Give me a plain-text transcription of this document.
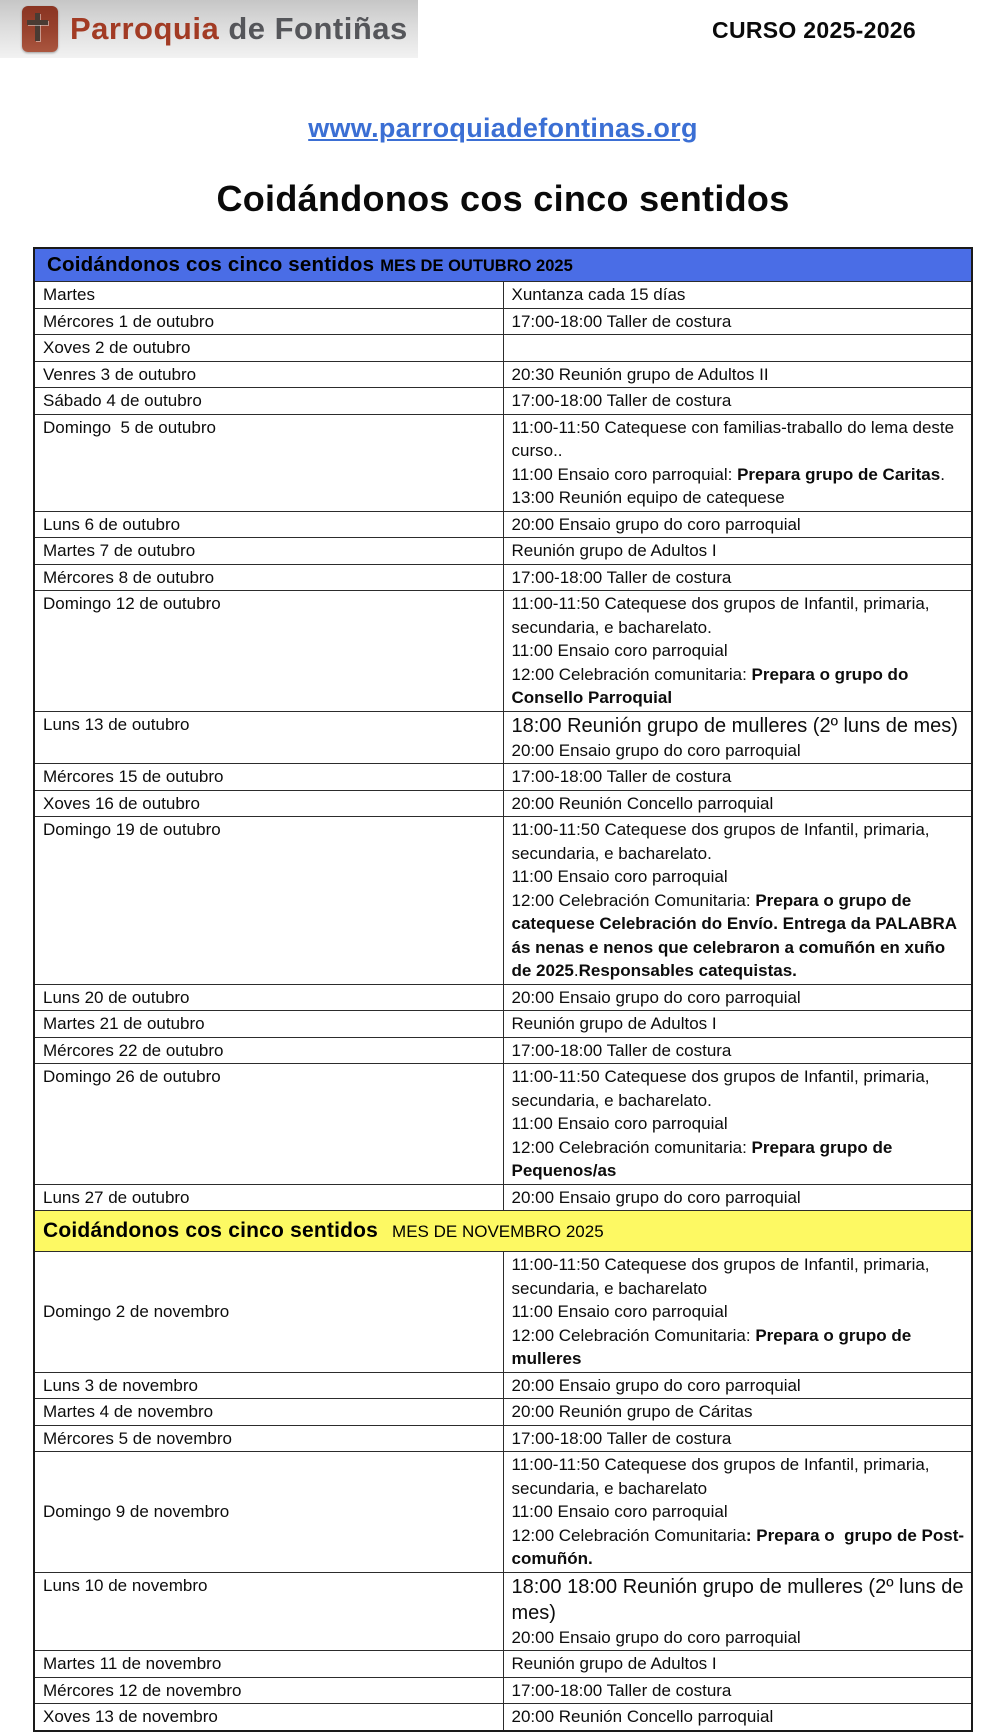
Parroquia de Fontiñas	CURSO 2025-2026
www.parroquiadefontinas.org
Coidándonos cos cinco sentidos
Coidándonos cos cinco sentidos MES DE OUTUBRO 2025	
Martes	Xuntanza cada 15 días

Mércores 1 de outubro	17:00-18:00 Taller de costura

Xoves 2 de outubro	

Venres 3 de outubro	20:30 Reunión grupo de Adultos II

Sábado 4 de outubro	17:00-18:00 Taller de costura

Domingo  5 de outubro	11:00-11:50 Catequese con familias-traballo do lema deste curso..
11:00 Ensaio coro parroquial: Prepara grupo de Caritas.
13:00 Reunión equipo de catequese

Luns 6 de outubro	20:00 Ensaio grupo do coro parroquial

Martes 7 de outubro	Reunión grupo de Adultos I

Mércores 8 de outubro	17:00-18:00 Taller de costura

Domingo 12 de outubro	11:00-11:50 Catequese dos grupos de Infantil, primaria, secundaria, e bacharelato.
11:00 Ensaio coro parroquial
12:00 Celebración comunitaria: Prepara o grupo do Consello Parroquial

Luns 13 de outubro	18:00 Reunión grupo de mulleres (2º luns de mes)
20:00 Ensaio grupo do coro parroquial

Mércores 15 de outubro	17:00-18:00 Taller de costura

Xoves 16 de outubro	20:00 Reunión Concello parroquial

Domingo 19 de outubro	11:00-11:50 Catequese dos grupos de Infantil, primaria, secundaria, e bacharelato.
11:00 Ensaio coro parroquial
12:00 Celebración Comunitaria: Prepara o grupo de catequese Celebración do Envío. Entrega da PALABRA ás nenas e nenos que celebraron a comuñón en xuño de 2025.Responsables catequistas.

Luns 20 de outubro	20:00 Ensaio grupo do coro parroquial

Martes 21 de outubro	Reunión grupo de Adultos I

Mércores 22 de outubro	17:00-18:00 Taller de costura

Domingo 26 de outubro	11:00-11:50 Catequese dos grupos de Infantil, primaria, secundaria, e bacharelato.
11:00 Ensaio coro parroquial
12:00 Celebración comunitaria: Prepara grupo de Pequenos/as

Luns 27 de outubro	20:00 Ensaio grupo do coro parroquial

Coidándonos cos cinco sentidos MES DE NOVEMBRO 2025	
Domingo 2 de novembro	11:00-11:50 Catequese dos grupos de Infantil, primaria, secundaria, e bacharelato
11:00 Ensaio coro parroquial
12:00 Celebración Comunitaria: Prepara o grupo de mulleres

Luns 3 de novembro	20:00 Ensaio grupo do coro parroquial

Martes 4 de novembro	20:00 Reunión grupo de Cáritas

Mércores 5 de novembro	17:00-18:00 Taller de costura

Domingo 9 de novembro	11:00-11:50 Catequese dos grupos de Infantil, primaria, secundaria, e bacharelato
11:00 Ensaio coro parroquial
12:00 Celebración Comunitaria: Prepara o  grupo de Post-comuñón.

Luns 10 de novembro	18:00 18:00 Reunión grupo de mulleres (2º luns de mes)
20:00 Ensaio grupo do coro parroquial

Martes 11 de novembro	Reunión grupo de Adultos I

Mércores 12 de novembro	17:00-18:00 Taller de costura

Xoves 13 de novembro	20:00 Reunión Concello parroquial
